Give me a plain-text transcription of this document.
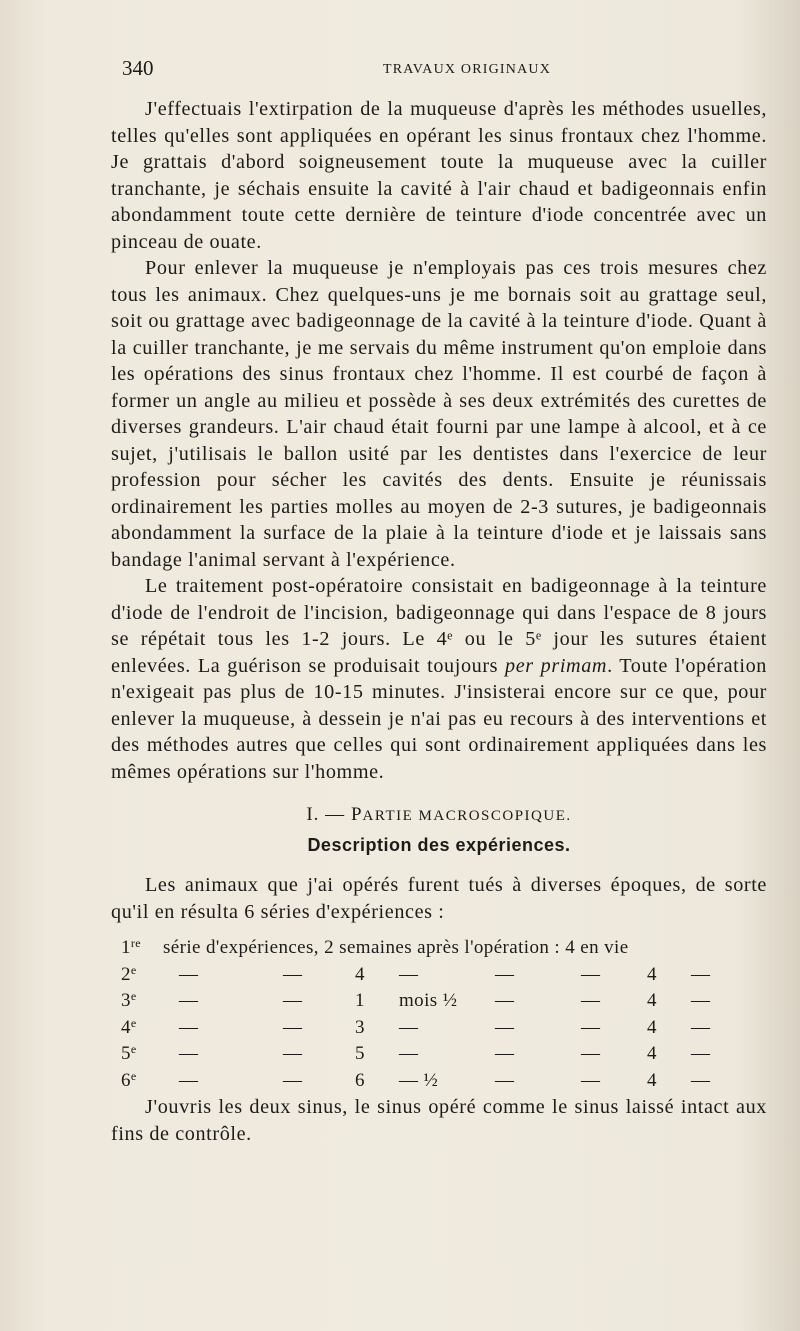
340	TRAVAUX ORIGINAUX

J'effectuais l'extirpation de la muqueuse d'après les méthodes usuelles, telles qu'elles sont appliquées en opérant les sinus frontaux chez l'homme. Je grattais d'abord soigneusement toute la muqueuse avec la cuiller tranchante, je séchais ensuite la cavité à l'air chaud et badigeonnais enfin abondamment toute cette dernière de teinture d'iode concentrée avec un pinceau de ouate.

Pour enlever la muqueuse je n'employais pas ces trois mesures chez tous les animaux. Chez quelques-uns je me bornais soit au grattage seul, soit ou grattage avec badigeonnage de la cavité à la teinture d'iode. Quant à la cuiller tranchante, je me servais du même instrument qu'on emploie dans les opérations des sinus frontaux chez l'homme. Il est courbé de façon à former un angle au milieu et possède à ses deux extrémités des curettes de diverses grandeurs. L'air chaud était fourni par une lampe à alcool, et à ce sujet, j'utilisais le ballon usité par les dentistes dans l'exercice de leur profession pour sécher les cavités des dents. Ensuite je réunissais ordinairement les parties molles au moyen de 2-3 sutures, je badigeonnais abondamment la surface de la plaie à la teinture d'iode et je laissais sans bandage l'animal servant à l'expérience.

Le traitement post-opératoire consistait en badigeonnage à la teinture d'iode de l'endroit de l'incision, badigeonnage qui dans l'espace de 8 jours se répétait tous les 1-2 jours. Le 4ᵉ ou le 5ᵉ jour les sutures étaient enlevées. La guérison se produisait toujours per primam. Toute l'opération n'exigeait pas plus de 10-15 minutes. J'insisterai encore sur ce que, pour enlever la muqueuse, à dessein je n'ai pas eu recours à des interventions et des méthodes autres que celles qui sont ordinairement appliquées dans les mêmes opérations sur l'homme.

I. — PARTIE MACROSCOPIQUE.
Description des expériences.

Les animaux que j'ai opérés furent tués à diverses époques, de sorte qu'il en résulta 6 séries d'expériences :

1re série d'expériences, 2 semaines après l'opération : 4 en vie
2e —	—	4 —	—	— 4 —
3e —	—	1 mois ½ —	— 4 —
4e —	—	3 —	—	— 4 —
5e —	—	5 —	—	— 4 —
6e —	—	6 — ½	—	— 4 —

J'ouvris les deux sinus, le sinus opéré comme le sinus laissé intact aux fins de contrôle.
